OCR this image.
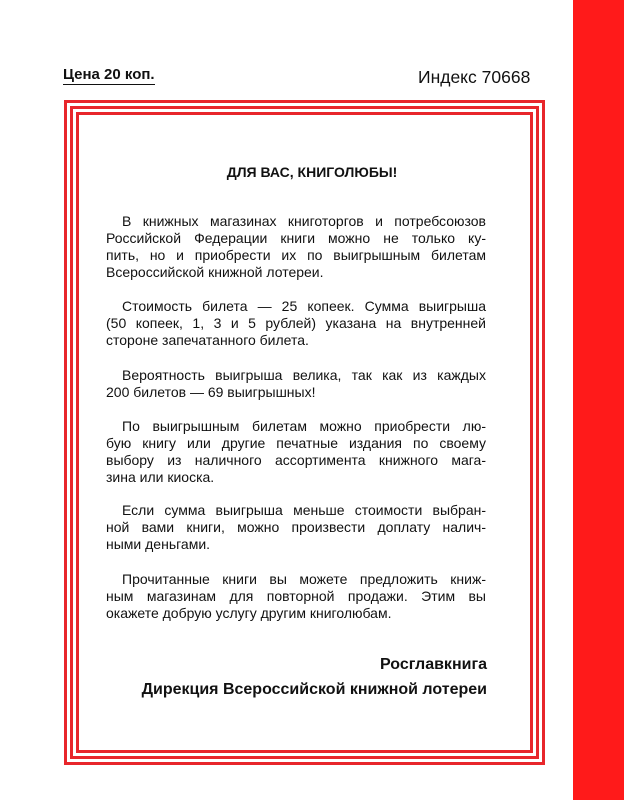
Цена 20 коп.	Индекс 70668
ДЛЯ ВАС, КНИГОЛЮБЫ!
В книжных магазинах книготоргов и потребсоюзов
Российской Федерации книги можно не только ку-
пить, но и приобрести их по выигрышным билетам
Всероссийской книжной лотереи.
Стоимость билета — 25 копеек. Сумма выигрыша
(50 копеек, 1, 3 и 5 рублей) указана на внутренней
стороне запечатанного билета.
Вероятность выигрыша велика, так как из каждых
200 билетов — 69 выигрышных!
По выигрышным билетам можно приобрести лю-
бую книгу или другие печатные издания по своему
выбору из наличного ассортимента книжного мага-
зина или киоска.
Если сумма выигрыша меньше стоимости выбран-
ной вами книги, можно произвести доплату налич-
ными деньгами.
Прочитанные книги вы можете предложить книж-
ным магазинам для повторной продажи. Этим вы
окажете добрую услугу другим книголюбам.
Росглавкнига
Дирекция Всероссийской книжной лотереи
